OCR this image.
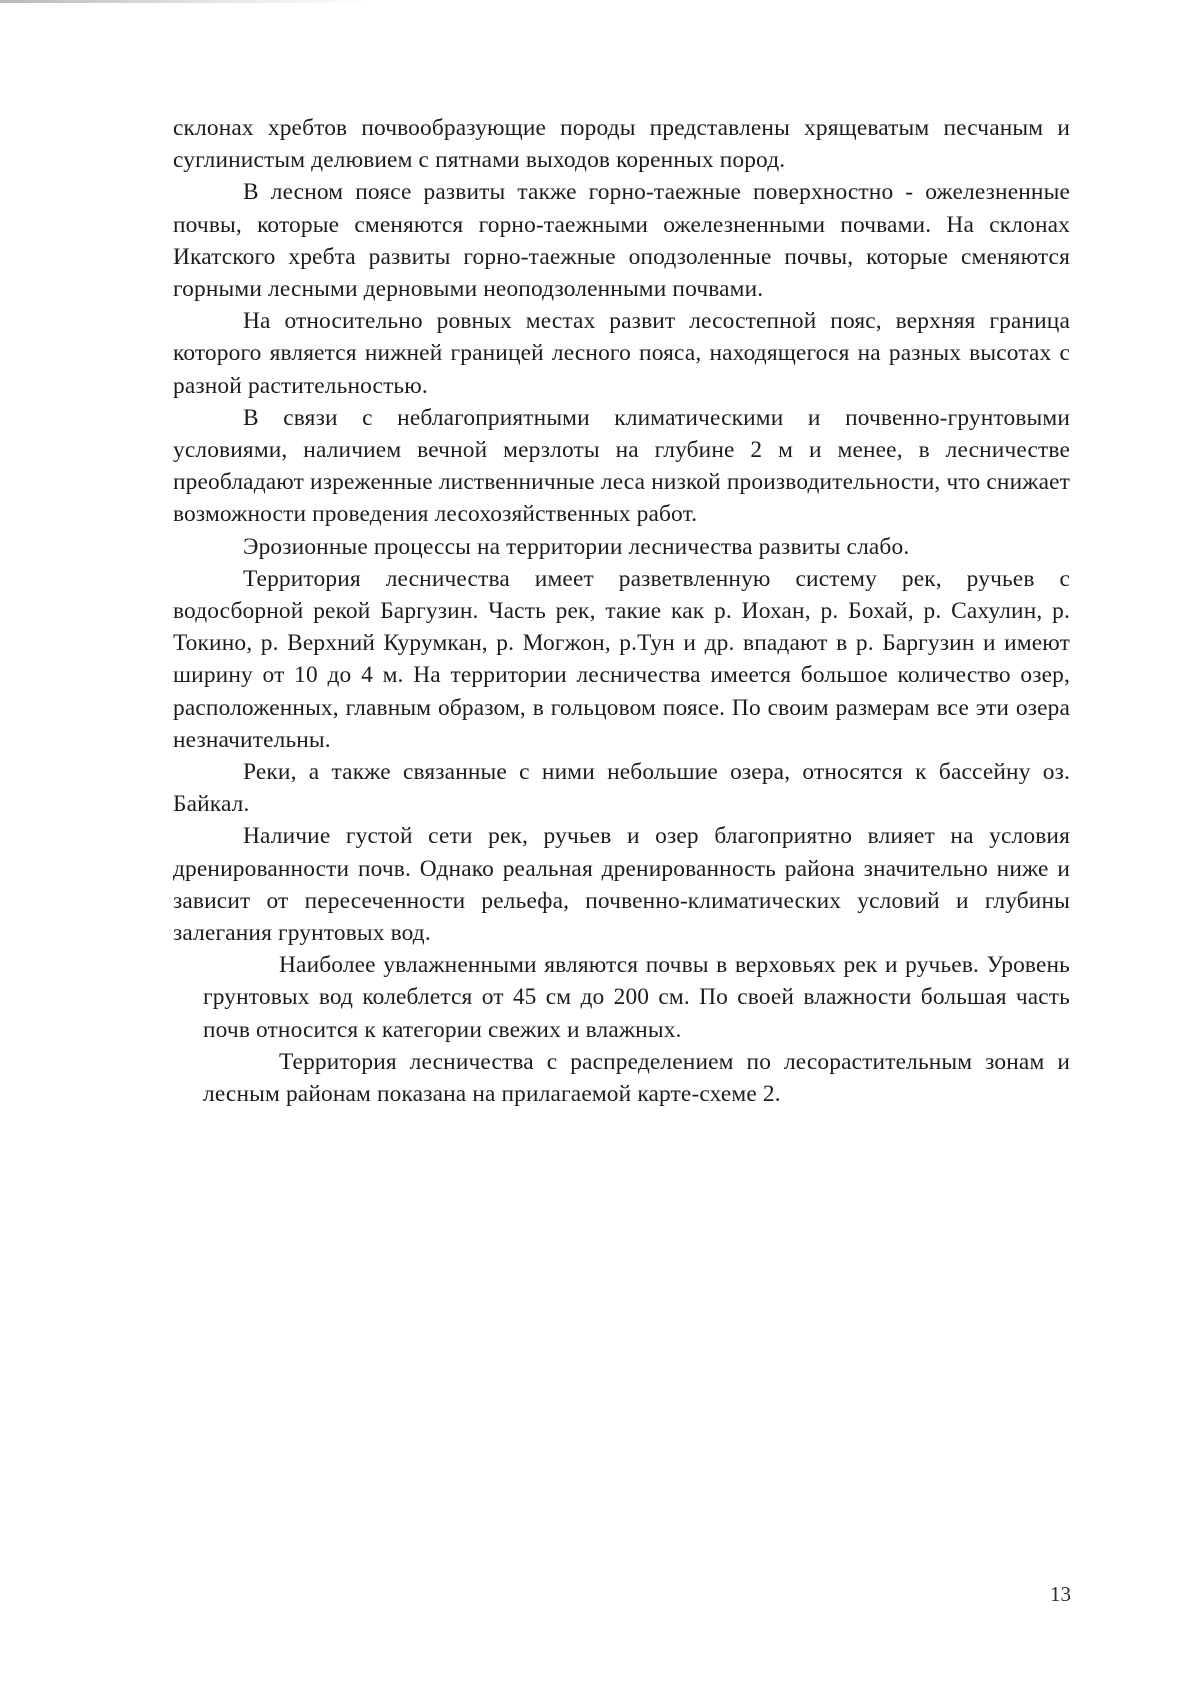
склонах хребтов почвообразующие породы представлены хрящеватым песчаным и суглинистым делювием с пятнами выходов коренных пород.

В лесном поясе развиты также горно-таежные поверхностно - ожелезненные почвы, которые сменяются горно-таежными ожелезненными почвами. На склонах Икатского хребта развиты горно-таежные оподзоленные почвы, которые сменяются горными лесными дерновыми неоподзоленными почвами.

На относительно ровных местах развит лесостепной пояс, верхняя граница которого является нижней границей лесного пояса, находящегося на разных высотах с разной растительностью.

В связи с неблагоприятными климатическими и почвенно-грунтовыми условиями, наличием вечной мерзлоты на глубине 2 м и менее, в лесничестве преобладают изреженные лиственничные леса низкой производительности, что снижает возможности проведения лесохозяйственных работ.

Эрозионные процессы на территории лесничества развиты слабо.

Территория лесничества имеет разветвленную систему рек, ручьев с водосборной рекой Баргузин. Часть рек, такие как р. Иохан, р. Бохай, р. Сахулин, р. Токино, р. Верхний Курумкан, р. Могжон, р.Тун и др. впадают в р. Баргузин и имеют ширину от 10 до 4 м. На территории лесничества имеется большое количество озер, расположенных, главным образом, в гольцовом поясе. По своим размерам все эти озера незначительны.

Реки, а также связанные с ними небольшие озера, относятся к бассейну оз. Байкал.

Наличие густой сети рек, ручьев и озер благоприятно влияет на условия дренированности почв. Однако реальная дренированность района значительно ниже и зависит от пересеченности рельефа, почвенно-климатических условий и глубины залегания грунтовых вод.

Наиболее увлажненными являются почвы в верховьях рек и ручьев. Уровень грунтовых вод колеблется от 45 см до 200 см. По своей влажности большая часть почв относится к категории свежих и влажных.

Территория лесничества с распределением по лесорастительным зонам и лесным районам показана на прилагаемой карте-схеме 2.

13
